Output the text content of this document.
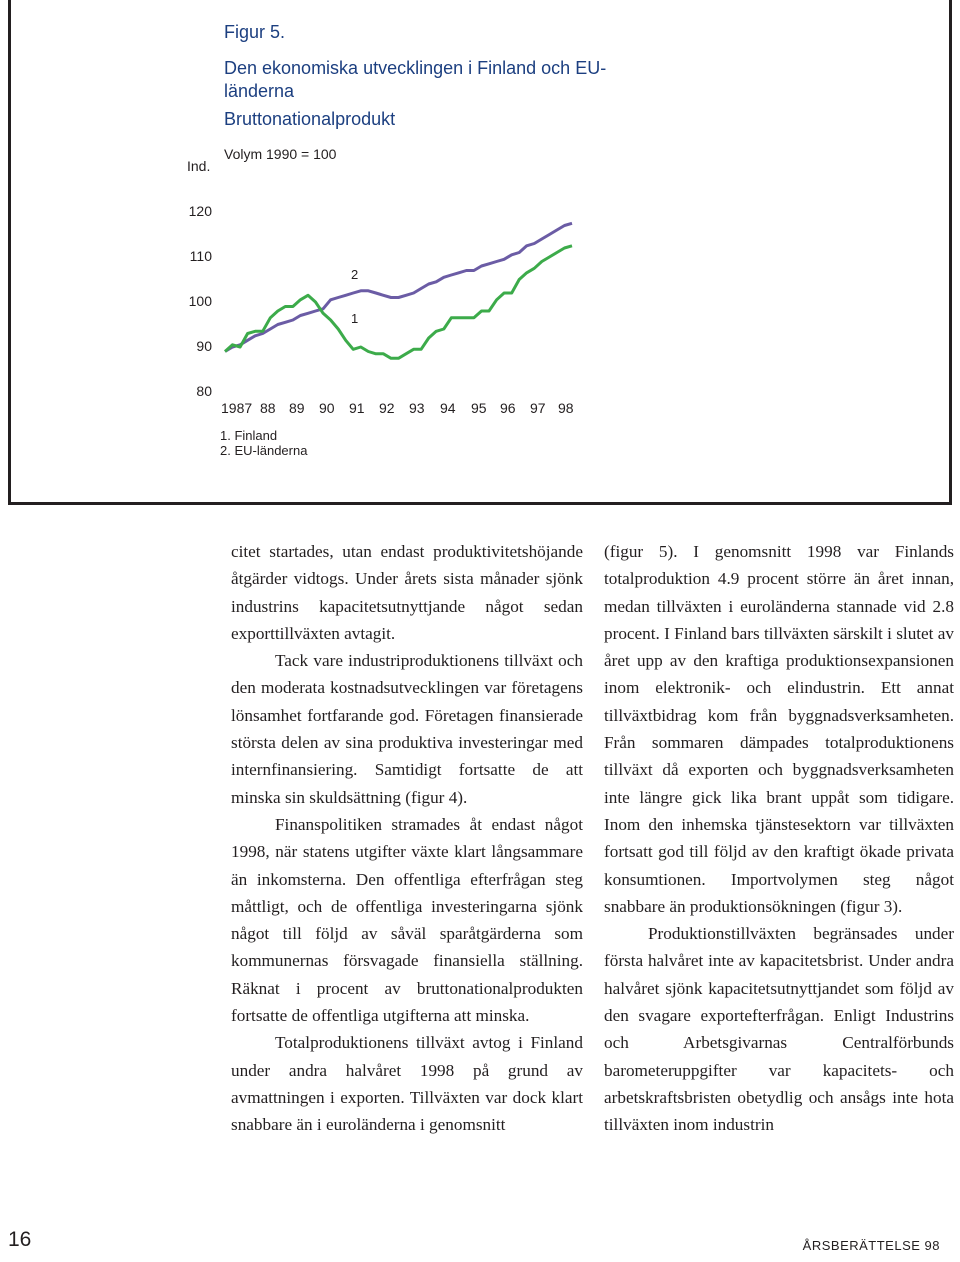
Figur 5.
Den ekonomiska utvecklingen i Finland och EU-länderna
Bruttonationalprodukt
Ind.
Volym 1990 = 100
120
110
100
90
80
1987 88 89 90 91 92 93 94 95 96 97 98
2
1
1. Finland
2. EU-länderna

citet startades, utan endast produktivitetshöjande åtgärder vidtogs. Under årets sista månader sjönk industrins kapacitetsutnyttjande något sedan exporttillväxten avtagit.

Tack vare industriproduktionens tillväxt och den moderata kostnadsutvecklingen var företagens lönsamhet fortfarande god. Företagen finansierade största delen av sina produktiva investeringar med internfinansiering. Samtidigt fortsatte de att minska sin skuldsättning (figur 4).

Finanspolitiken stramades åt endast något 1998, när statens utgifter växte klart långsammare än inkomsterna. Den offentliga efterfrågan steg måttligt, och de offentliga investeringarna sjönk något till följd av såväl sparåtgärderna som kommunernas försvagade finansiella ställning. Räknat i procent av bruttonationalprodukten fortsatte de offentliga utgifterna att minska.

Totalproduktionens tillväxt avtog i Finland under andra halvåret 1998 på grund av avmattningen i exporten. Tillväxten var dock klart snabbare än i euroländerna i genomsnitt

(figur 5). I genomsnitt 1998 var Finlands totalproduktion 4.9 procent större än året innan, medan tillväxten i euroländerna stannade vid 2.8 procent. I Finland bars tillväxten särskilt i slutet av året upp av den kraftiga produktionsexpansionen inom elektronik- och elindustrin. Ett annat tillväxtbidrag kom från byggnadsverksamheten. Från sommaren dämpades totalproduktionens tillväxt då exporten och byggnadsverksamheten inte längre gick lika brant uppåt som tidigare. Inom den inhemska tjänstesektorn var tillväxten fortsatt god till följd av den kraftigt ökade privata konsumtionen. Importvolymen steg något snabbare än produktionsökningen (figur 3).

Produktionstillväxten begränsades under första halvåret inte av kapacitetsbrist. Under andra halvåret sjönk kapacitetsutnyttjandet som följd av den svagare exportefterfrågan. Enligt Industrins och Arbetsgivarnas Centralförbunds barometeruppgifter var kapacitets- och arbetskraftsbristen obetydlig och ansågs inte hota tillväxten inom industrin

16	ÅRSBERÄTTELSE 98
